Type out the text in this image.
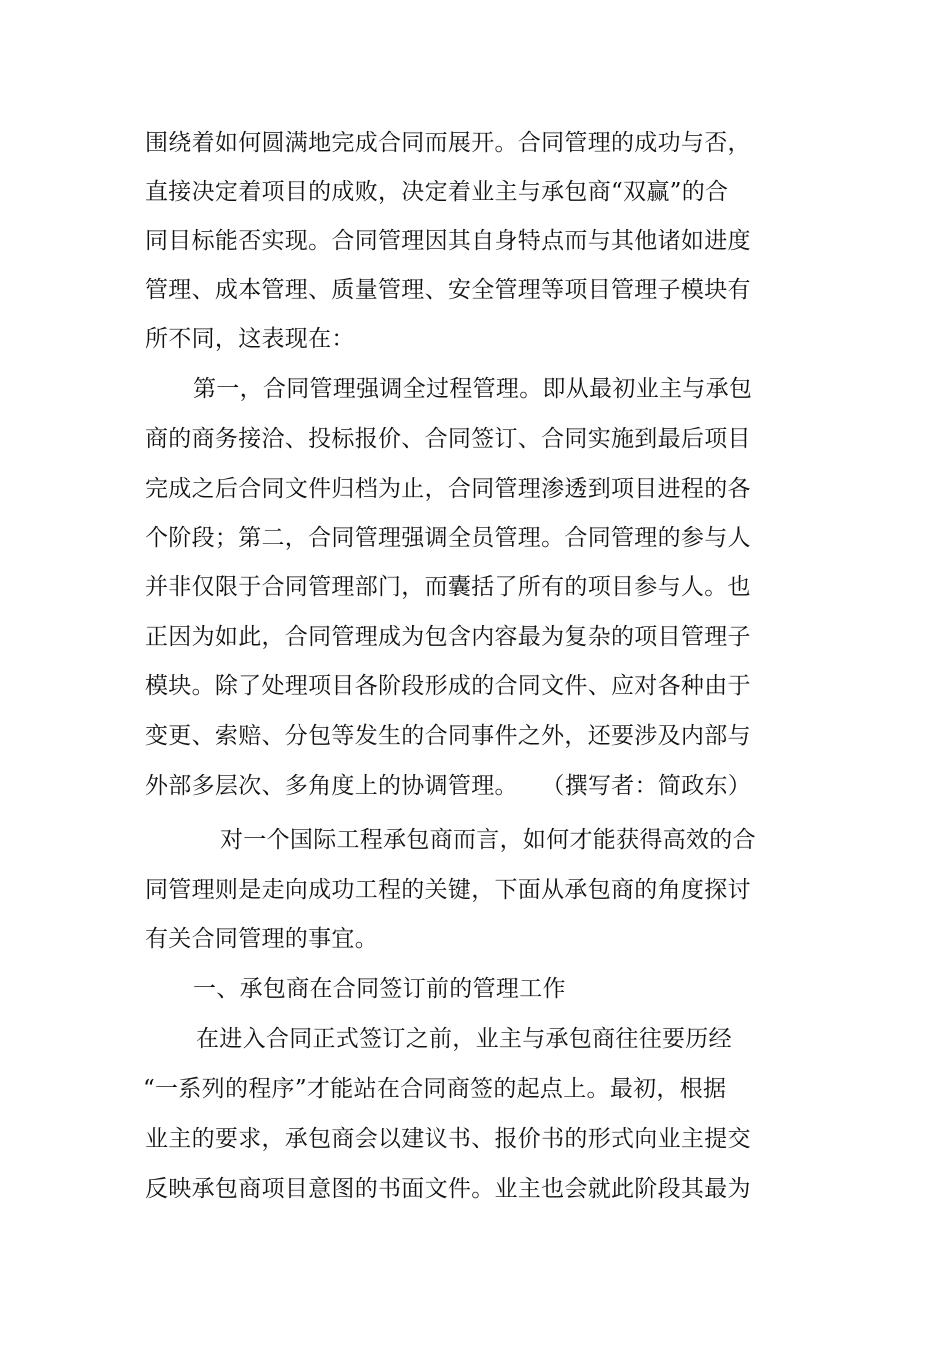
围绕着如何圆满地完成合同而展开。合同管理的成功与否，
直接决定着项目的成败，决定着业主与承包商“双赢”的合
同目标能否实现。合同管理因其自身特点而与其他诸如进度
管理、成本管理、质量管理、安全管理等项目管理子模块有
所不同，这表现在：
第一，合同管理强调全过程管理。即从最初业主与承包
商的商务接洽、投标报价、合同签订、合同实施到最后项目
完成之后合同文件归档为止，合同管理渗透到项目进程的各
个阶段；第二，合同管理强调全员管理。合同管理的参与人
并非仅限于合同管理部门，而囊括了所有的项目参与人。也
正因为如此，合同管理成为包含内容最为复杂的项目管理子
模块。除了处理项目各阶段形成的合同文件、应对各种由于
变更、索赔、分包等发生的合同事件之外，还要涉及内部与
外部多层次、多角度上的协调管理。　　（撰写者：简政东）
对一个国际工程承包商而言，如何才能获得高效的合
同管理则是走向成功工程的关键，下面从承包商的角度探讨
有关合同管理的事宜。
一、承包商在合同签订前的管理工作
在进入合同正式签订之前，业主与承包商往往要历经
“一系列的程序”才能站在合同商签的起点上。最初，根据
业主的要求，承包商会以建议书、报价书的形式向业主提交
反映承包商项目意图的书面文件。业主也会就此阶段其最为
